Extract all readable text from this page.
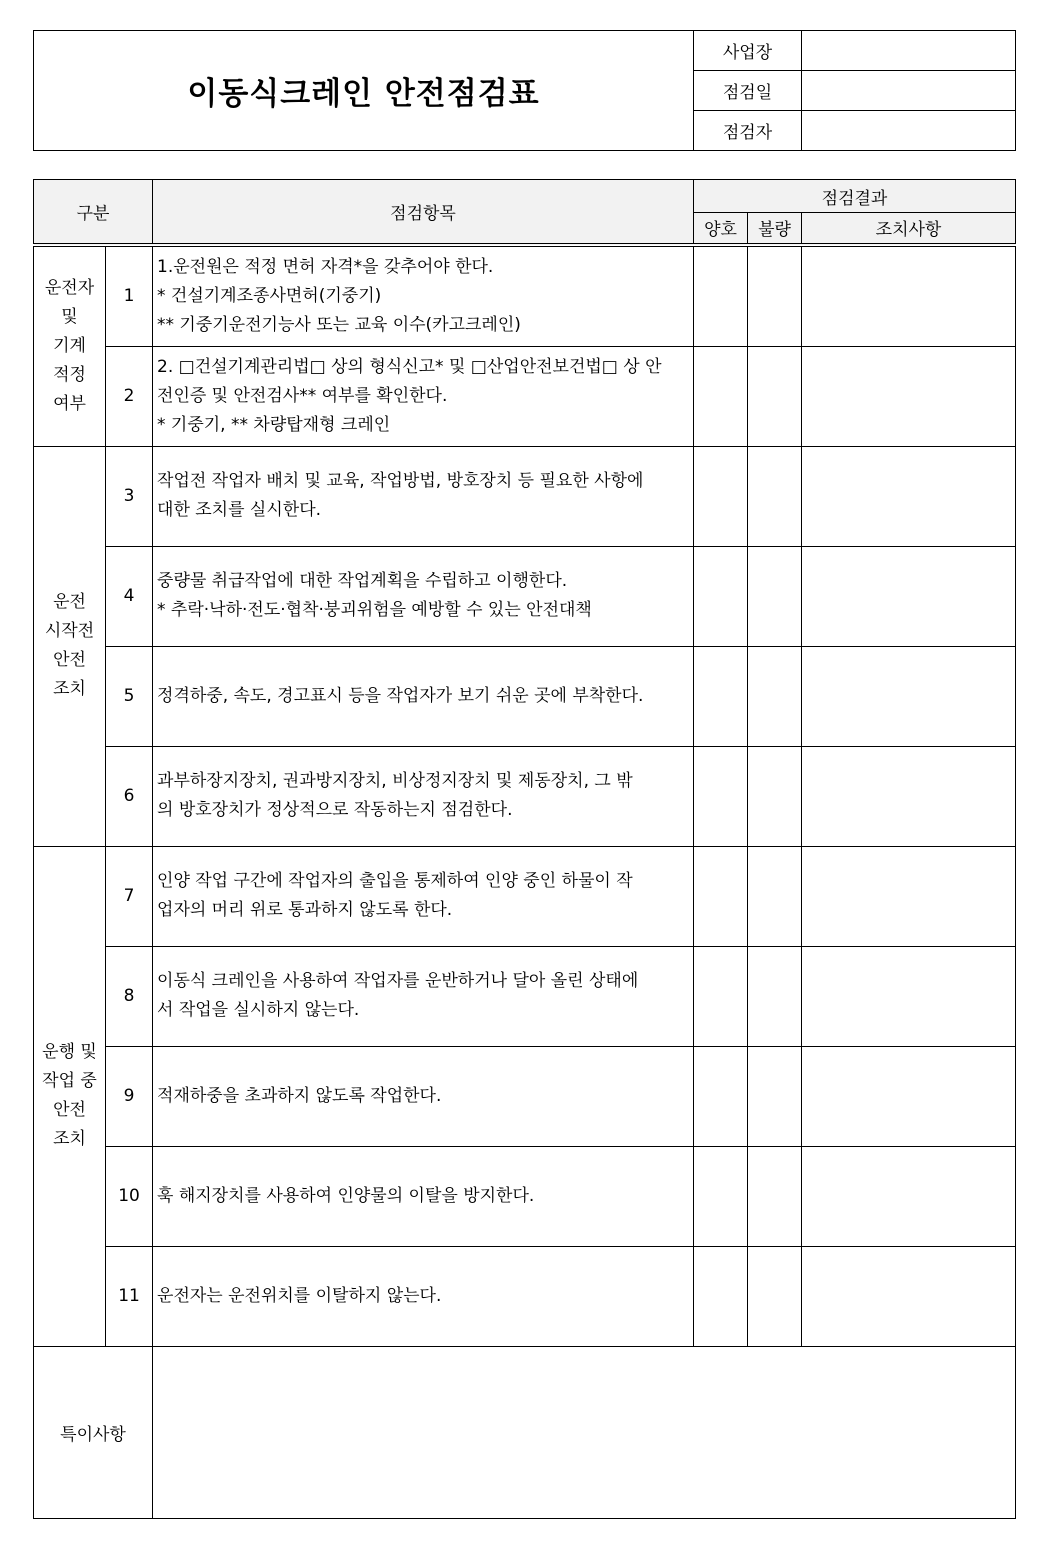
이동식크레인 안전점검표	사업장	
	점검일	
	점검자	
구분		점검항목	점검결과		
			양호	불량	조치사항
운전자
및
기계
적정
여부	1	1.운전원은 적정 면허 자격*을 갖추어야 한다.
* 건설기계조종사면허(기중기)
** 기중기운전기능사 또는 교육 이수(카고크레인)			
	2	2. □건설기계관리법□ 상의 형식신고* 및 □산업안전보건법□ 상 안
전인증 및 안전검사** 여부를 확인한다.
* 기중기, ** 차량탑재형 크레인			
운전
시작전
안전
조치	3	작업전 작업자 배치 및 교육, 작업방법, 방호장치 등 필요한 사항에
대한 조치를 실시한다.			
	4	중량물 취급작업에 대한 작업계획을 수립하고 이행한다.
* 추락·낙하·전도·협착·붕괴위험을 예방할 수 있는 안전대책			
	5	정격하중, 속도, 경고표시 등을 작업자가 보기 쉬운 곳에 부착한다.			
	6	과부하장지장치, 권과방지장치, 비상정지장치 및 제동장치, 그 밖
의 방호장치가 정상적으로 작동하는지 점검한다.			
운행 및
작업 중
안전
조치	7	인양 작업 구간에 작업자의 출입을 통제하여 인양 중인 하물이 작
업자의 머리 위로 통과하지 않도록 한다.			
	8	이동식 크레인을 사용하여 작업자를 운반하거나 달아 올린 상태에
서 작업을 실시하지 않는다.			
	9	적재하중을 초과하지 않도록 작업한다.			
	10	훅 해지장치를 사용하여 인양물의 이탈을 방지한다.			
	11	운전자는 운전위치를 이탈하지 않는다.			
특이사항					
